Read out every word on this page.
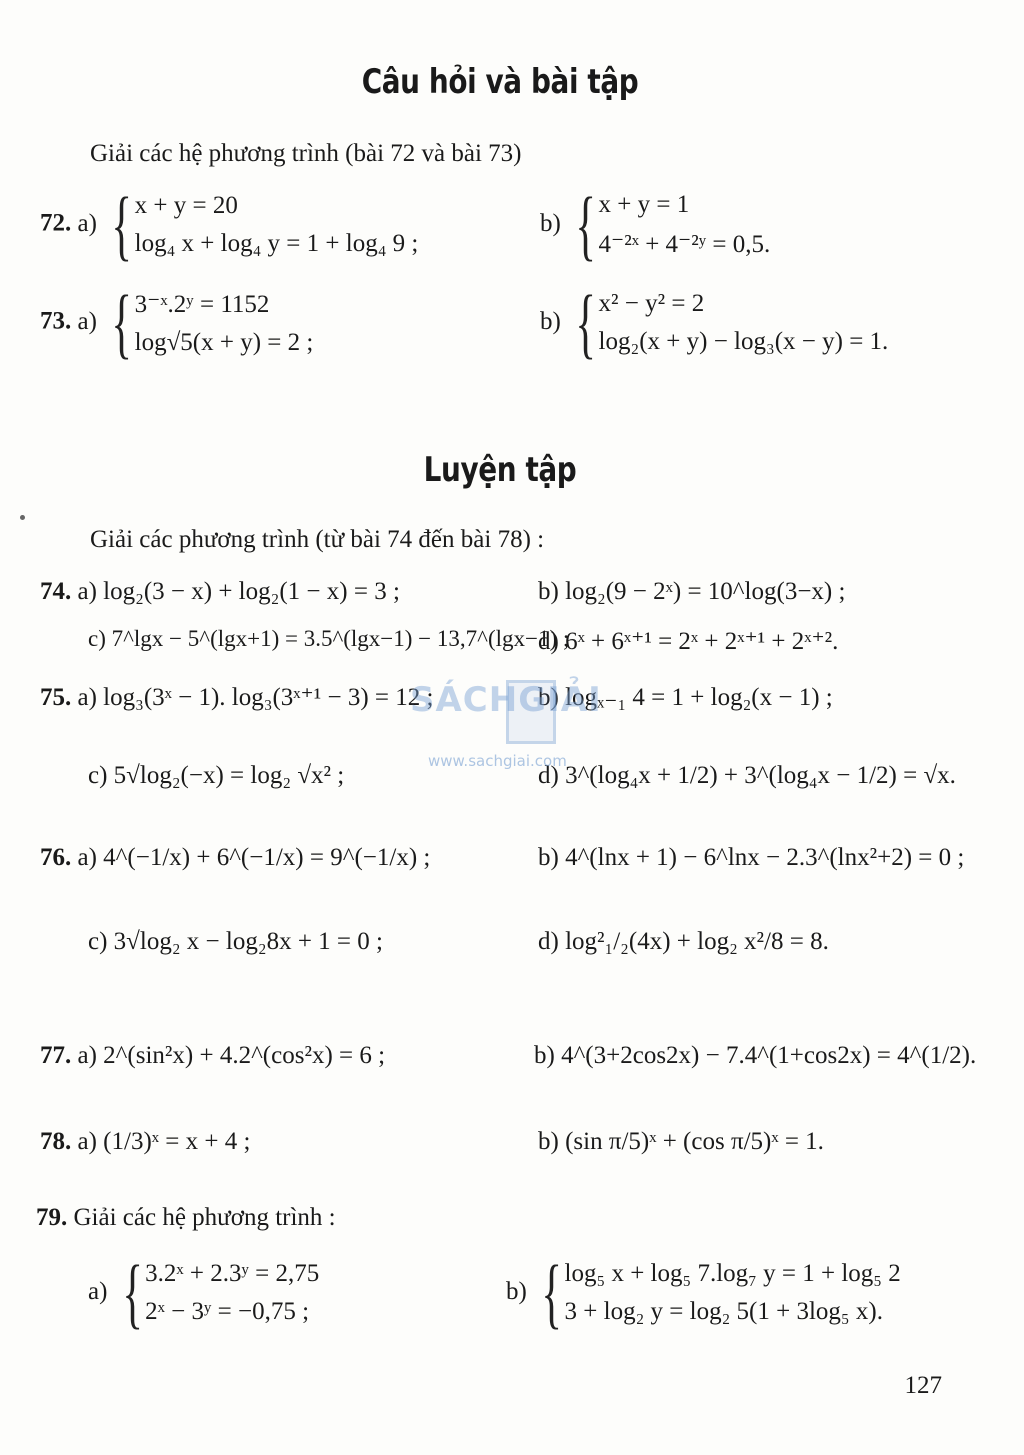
Câu hỏi và bài tập
Giải các hệ phương trình (bài 72 và bài 73)
72. a) { x + y = 20
log₄ x + log₄ y = 1 + log₄ 9 ;
b) { x + y = 1
4⁻²ˣ + 4⁻²ʸ = 0,5.
73. a) { 3⁻ˣ.2ʸ = 1152
log√5(x + y) = 2 ;
b) { x² − y² = 2
log₂(x + y) − log₃(x − y) = 1.
Luyện tập
Giải các phương trình (từ bài 74 đến bài 78) :
74. a) log₂(3 − x) + log₂(1 − x) = 3 ;	b) log₂(9 − 2ˣ) = 10^log(3−x) ;
c) 7^lgx − 5^(lgx+1) = 3.5^(lgx−1) − 13,7^(lgx−1) ;
d) 6ˣ + 6ˣ⁺¹ = 2ˣ + 2ˣ⁺¹ + 2ˣ⁺².
75. a) log₃(3ˣ − 1). log₃(3ˣ⁺¹ − 3) = 12 ;	b) logₓ₋₁ 4 = 1 + log₂(x − 1) ;
c) 5√log₂(−x) = log₂ √x² ;	d) 3^(log₄x + 1/2) + 3^(log₄x − 1/2) = √x.
76. a) 4^(−1/x) + 6^(−1/x) = 9^(−1/x) ;	b) 4^(lnx + 1) − 6^lnx − 2.3^(lnx²+2) = 0 ;
c) 3√log₂ x − log₂8x + 1 = 0 ;	d) log²₁/₂(4x) + log₂ x²/8 = 8.
77. a) 2^(sin²x) + 4.2^(cos²x) = 6 ;	b) 4^(3+2cos2x) − 7.4^(1+cos2x) = 4^(1/2).
78. a) (1/3)ˣ = x + 4 ;	b) (sin π/5)ˣ + (cos π/5)ˣ = 1.
79. Giải các hệ phương trình :
a) { 3.2ˣ + 2.3ʸ = 2,75
2ˣ − 3ʸ = −0,75 ;
b) { log₅ x + log₅ 7.log₇ y = 1 + log₅ 2
3 + log₂ y = log₂ 5(1 + 3log₅ x).
127
SÁCHGIẢI
www.sachgiai.com
